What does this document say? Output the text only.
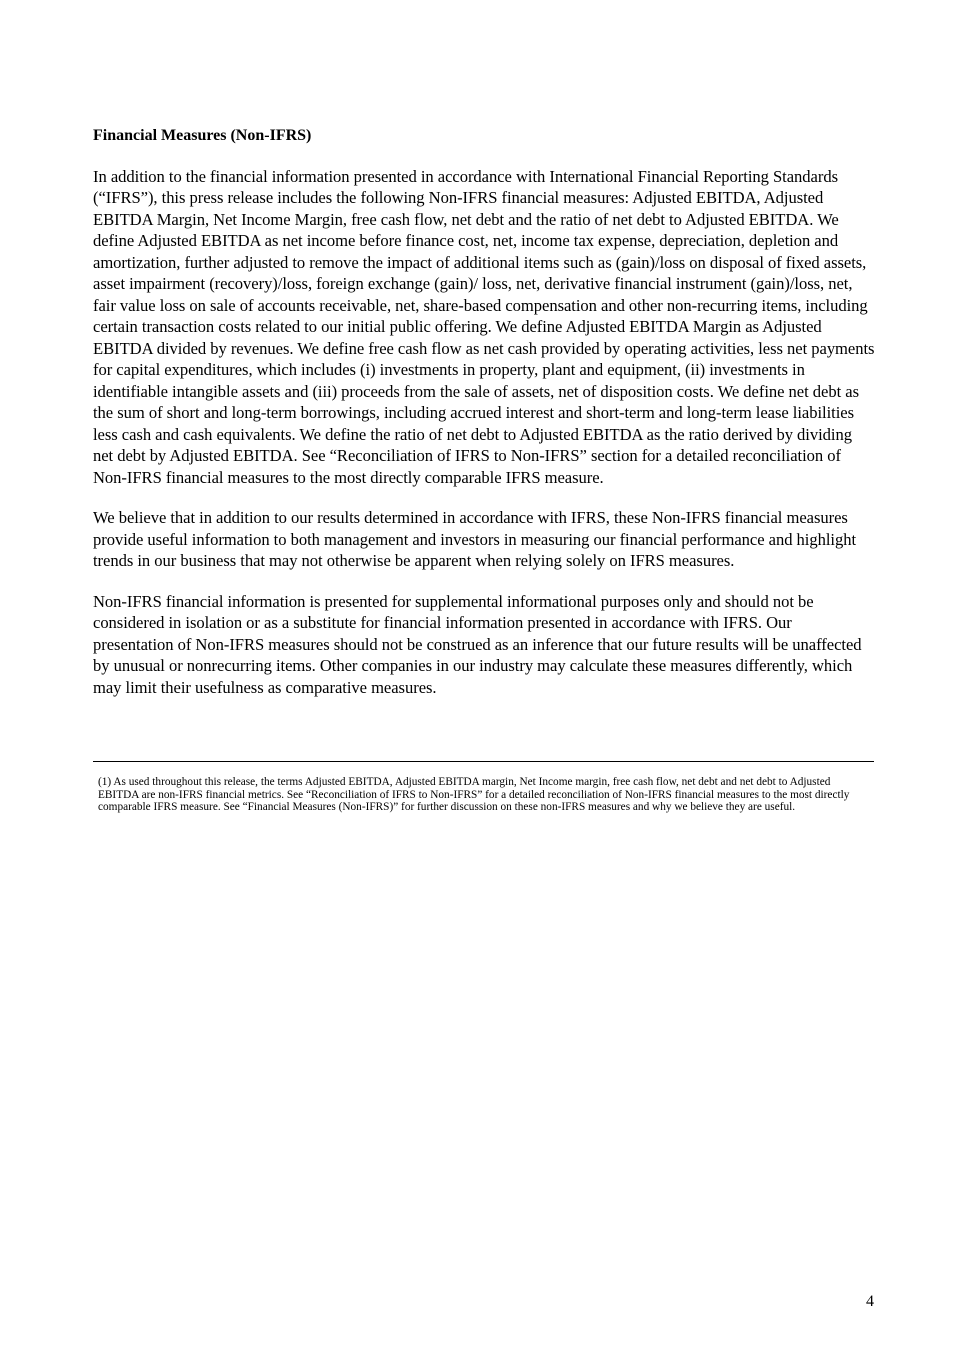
Financial Measures (Non-IFRS)

In addition to the financial information presented in accordance with International Financial Reporting Standards (“IFRS”), this press release includes the following Non-IFRS financial measures: Adjusted EBITDA, Adjusted EBITDA Margin, Net Income Margin, free cash flow, net debt and the ratio of net debt to Adjusted EBITDA. We define Adjusted EBITDA as net income before finance cost, net, income tax expense, depreciation, depletion and amortization, further adjusted to remove the impact of additional items such as (gain)/loss on disposal of fixed assets, asset impairment (recovery)/loss, foreign exchange (gain)/ loss, net, derivative financial instrument (gain)/loss, net, fair value loss on sale of accounts receivable, net, share-based compensation and other non-recurring items, including certain transaction costs related to our initial public offering. We define Adjusted EBITDA Margin as Adjusted EBITDA divided by revenues. We define free cash flow as net cash provided by operating activities, less net payments for capital expenditures, which includes (i) investments in property, plant and equipment, (ii) investments in identifiable intangible assets and (iii) proceeds from the sale of assets, net of disposition costs. We define net debt as the sum of short and long-term borrowings, including accrued interest and short-term and long-term lease liabilities less cash and cash equivalents. We define the ratio of net debt to Adjusted EBITDA as the ratio derived by dividing net debt by Adjusted EBITDA. See “Reconciliation of IFRS to Non-IFRS” section for a detailed reconciliation of Non-IFRS financial measures to the most directly comparable IFRS measure.

We believe that in addition to our results determined in accordance with IFRS, these Non-IFRS financial measures provide useful information to both management and investors in measuring our financial performance and highlight trends in our business that may not otherwise be apparent when relying solely on IFRS measures.

Non-IFRS financial information is presented for supplemental informational purposes only and should not be considered in isolation or as a substitute for financial information presented in accordance with IFRS. Our presentation of Non-IFRS measures should not be construed as an inference that our future results will be unaffected by unusual or nonrecurring items. Other companies in our industry may calculate these measures differently, which may limit their usefulness as comparative measures.

(1) As used throughout this release, the terms Adjusted EBITDA, Adjusted EBITDA margin, Net Income margin, free cash flow, net debt and net debt to Adjusted EBITDA are non-IFRS financial metrics. See “Reconciliation of IFRS to Non-IFRS” for a detailed reconciliation of Non-IFRS financial measures to the most directly comparable IFRS measure. See “Financial Measures (Non-IFRS)” for further discussion on these non-IFRS measures and why we believe they are useful.
4
